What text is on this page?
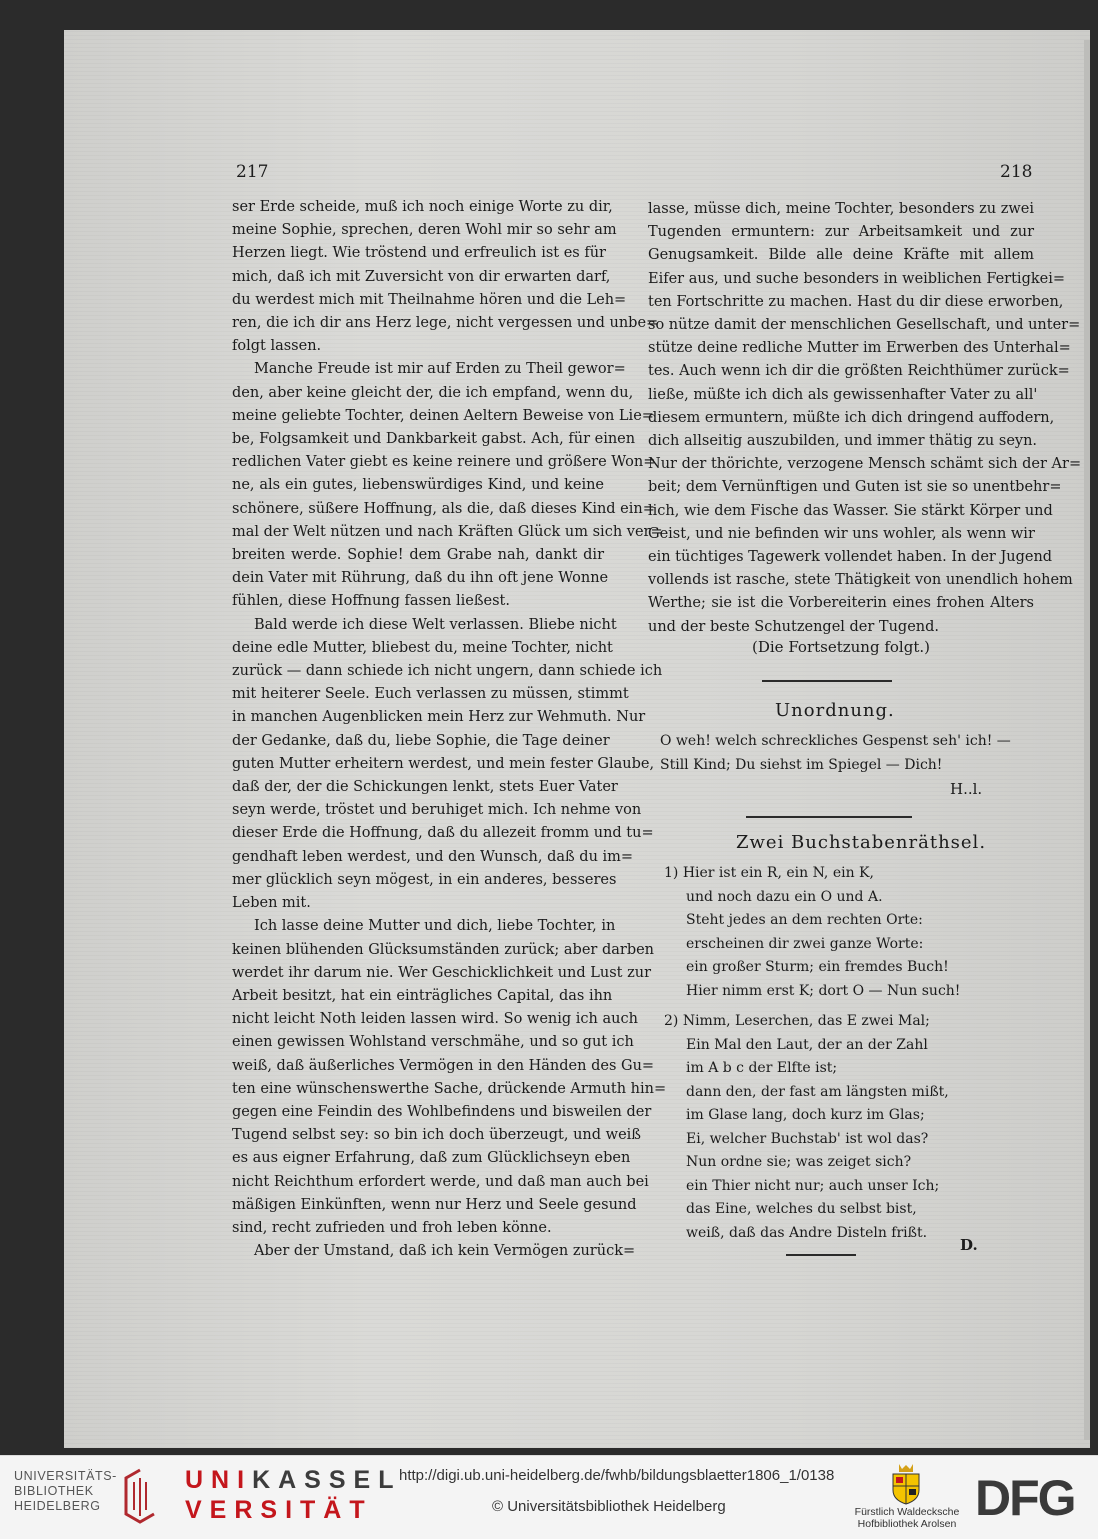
217	218
ser Erde scheide, muß ich noch einige Worte zu dir,
meine Sophie, sprechen, deren Wohl mir so sehr am
Herzen liegt. Wie tröstend und erfreulich ist es für
mich, daß ich mit Zuversicht von dir erwarten darf,
du werdest mich mit Theilnahme hören und die Leh=
ren, die ich dir ans Herz lege, nicht vergessen und unbe=
folgt lassen.
Manche Freude ist mir auf Erden zu Theil gewor=
den, aber keine gleicht der, die ich empfand, wenn du,
meine geliebte Tochter, deinen Aeltern Beweise von Lie=
be, Folgsamkeit und Dankbarkeit gabst. Ach, für einen
redlichen Vater giebt es keine reinere und größere Won=
ne, als ein gutes, liebenswürdiges Kind, und keine
schönere, süßere Hoffnung, als die, daß dieses Kind ein=
mal der Welt nützen und nach Kräften Glück um sich ver=
breiten werde. Sophie! dem Grabe nah, dankt dir
dein Vater mit Rührung, daß du ihn oft jene Wonne
fühlen, diese Hoffnung fassen ließest.
Bald werde ich diese Welt verlassen. Bliebe nicht
deine edle Mutter, bliebest du, meine Tochter, nicht
zurück — dann schiede ich nicht ungern, dann schiede ich
mit heiterer Seele. Euch verlassen zu müssen, stimmt
in manchen Augenblicken mein Herz zur Wehmuth. Nur
der Gedanke, daß du, liebe Sophie, die Tage deiner
guten Mutter erheitern werdest, und mein fester Glaube,
daß der, der die Schickungen lenkt, stets Euer Vater
seyn werde, tröstet und beruhiget mich. Ich nehme von
dieser Erde die Hoffnung, daß du allezeit fromm und tu=
gendhaft leben werdest, und den Wunsch, daß du im=
mer glücklich seyn mögest, in ein anderes, besseres
Leben mit.
Ich lasse deine Mutter und dich, liebe Tochter, in
keinen blühenden Glücksumständen zurück; aber darben
werdet ihr darum nie. Wer Geschicklichkeit und Lust zur
Arbeit besitzt, hat ein einträgliches Capital, das ihn
nicht leicht Noth leiden lassen wird. So wenig ich auch
einen gewissen Wohlstand verschmähe, und so gut ich
weiß, daß äußerliches Vermögen in den Händen des Gu=
ten eine wünschenswerthe Sache, drückende Armuth hin=
gegen eine Feindin des Wohlbefindens und bisweilen der
Tugend selbst sey: so bin ich doch überzeugt, und weiß
es aus eigner Erfahrung, daß zum Glücklichseyn eben
nicht Reichthum erfordert werde, und daß man auch bei
mäßigen Einkünften, wenn nur Herz und Seele gesund
sind, recht zufrieden und froh leben könne.
Aber der Umstand, daß ich kein Vermögen zurück=
lasse, müsse dich, meine Tochter, besonders zu zwei
Tugenden ermuntern: zur Arbeitsamkeit und zur
Genugsamkeit. Bilde alle deine Kräfte mit allem
Eifer aus, und suche besonders in weiblichen Fertigkei=
ten Fortschritte zu machen. Hast du dir diese erworben,
so nütze damit der menschlichen Gesellschaft, und unter=
stütze deine redliche Mutter im Erwerben des Unterhal=
tes. Auch wenn ich dir die größten Reichthümer zurück=
ließe, müßte ich dich als gewissenhafter Vater zu all'
diesem ermuntern, müßte ich dich dringend auffodern,
dich allseitig auszubilden, und immer thätig zu seyn.
Nur der thörichte, verzogene Mensch schämt sich der Ar=
beit; dem Vernünftigen und Guten ist sie so unentbehr=
lich, wie dem Fische das Wasser. Sie stärkt Körper und
Geist, und nie befinden wir uns wohler, als wenn wir
ein tüchtiges Tagewerk vollendet haben. In der Jugend
vollends ist rasche, stete Thätigkeit von unendlich hohem
Werthe; sie ist die Vorbereiterin eines frohen Alters
und der beste Schutzengel der Tugend.
(Die Fortsetzung folgt.)
Unordnung.
O weh! welch schreckliches Gespenst seh' ich! —
Still Kind; Du siehst im Spiegel — Dich!
H..l.
Zwei Buchstabenräthsel.
1) Hier ist ein R, ein N, ein K,
und noch dazu ein O und A.
Steht jedes an dem rechten Orte:
erscheinen dir zwei ganze Worte:
ein großer Sturm; ein fremdes Buch!
Hier nimm erst K; dort O — Nun such!
2) Nimm, Leserchen, das E zwei Mal;
Ein Mal den Laut, der an der Zahl
im A b c der Elfte ist;
dann den, der fast am längsten mißt,
im Glase lang, doch kurz im Glas;
Ei, welcher Buchstab' ist wol das?
Nun ordne sie; was zeiget sich?
ein Thier nicht nur; auch unser Ich;
das Eine, welches du selbst bist,
weiß, daß das Andre Disteln frißt.
D.
UNIVERSITÄTS-
BIBLIOTHEK
HEIDELBERG
UNIKASSEL
VERSITÄT
http://digi.ub.uni-heidelberg.de/fwhb/bildungsblaetter1806_1/0138
© Universitätsbibliothek Heidelberg	Fürstlich Waldecksche
Hofbibliothek Arolsen DFG
